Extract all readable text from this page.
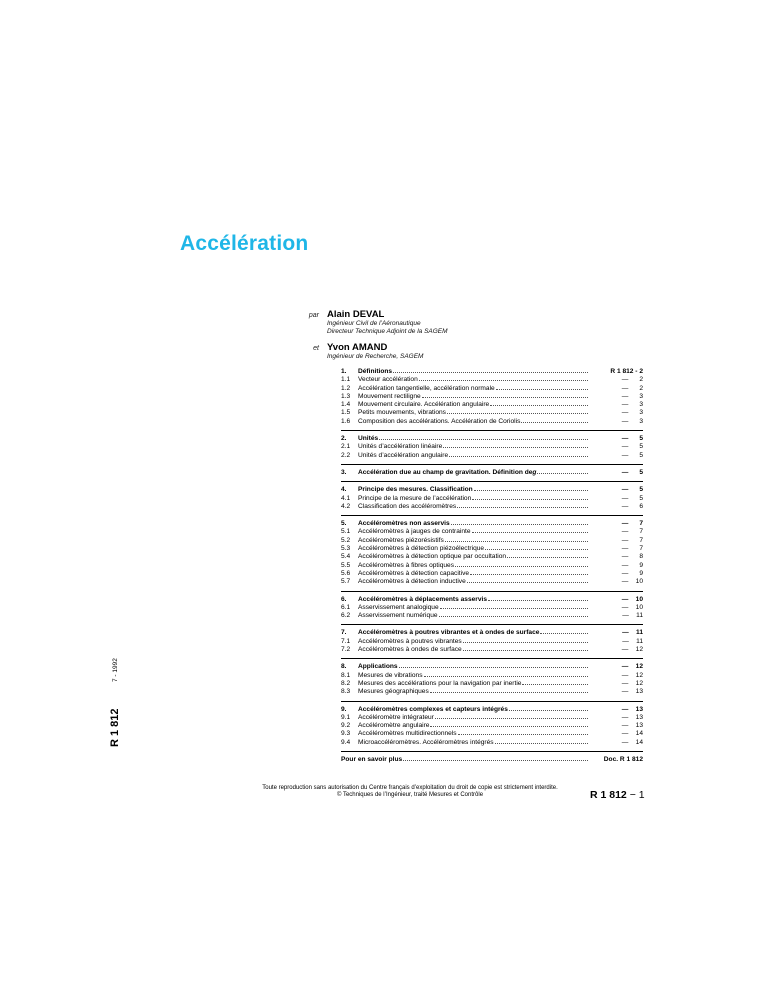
Accélération
par Alain DEVAL
Ingénieur Civil de l’Aéronautique
Directeur Technique Adjoint de la SAGEM
et Yvon AMAND
Ingénieur de Recherche, SAGEM
1.	Définitions	R 1 812 - 2
1.1	Vecteur accélération	—      2
1.2	Accélération tangentielle, accélération normale	—      2
1.3	Mouvement rectiligne	—      3
1.4	Mouvement circulaire. Accélération angulaire	—      3
1.5	Petits mouvements, vibrations	—      3
1.6	Composition des accélérations. Accélération de Coriolis	—      3
2.	Unités	—      5
2.1	Unités d’accélération linéaire	—      5
2.2	Unités d’accélération angulaire	—      5
3.	Accélération due au champ de gravitation. Définition de g	—      5
4.	Principe des mesures. Classification	—      5
4.1	Principe de la mesure de l’accélération	—      5
4.2	Classification des accéléromètres	—      6
5.	Accéléromètres non asservis	—      7
5.1	Accéléromètres à jauges de contrainte	—      7
5.2	Accéléromètres piézorésistifs	—      7
5.3	Accéléromètres à détection piézoélectrique	—      7
5.4	Accéléromètres à détection optique par occultation	—      8
5.5	Accéléromètres à fibres optiques	—      9
5.6	Accéléromètres à détection capacitive	—      9
5.7	Accéléromètres à détection inductive	—    10
6.	Accéléromètres à déplacements asservis	—    10
6.1	Asservissement analogique	—    10
6.2	Asservissement numérique	—    11
7.	Accéléromètres à poutres vibrantes et à ondes de surface	—    11
7.1	Accéléromètres à poutres vibrantes	—    11
7.2	Accéléromètres à ondes de surface	—    12
8.	Applications	—    12
8.1	Mesures de vibrations	—    12
8.2	Mesures des accélérations pour la navigation par inertie	—    12
8.3	Mesures géographiques	—    13
9.	Accéléromètres complexes et capteurs intégrés	—    13
9.1	Accéléromètre intégrateur	—    13
9.2	Accéléromètre angulaire	—    13
9.3	Accéléromètres multidirectionnels	—    14
9.4	Microaccéléromètres. Accéléromètres intégrés	—    14
Pour en savoir plus	Doc. R 1 812
R 1 812
7 - 1992
Toute reproduction sans autorisation du Centre français d’exploitation du droit de copie est strictement interdite.
© Techniques de l’Ingénieur, traité Mesures et Contrôle	R 1 812 − 1
